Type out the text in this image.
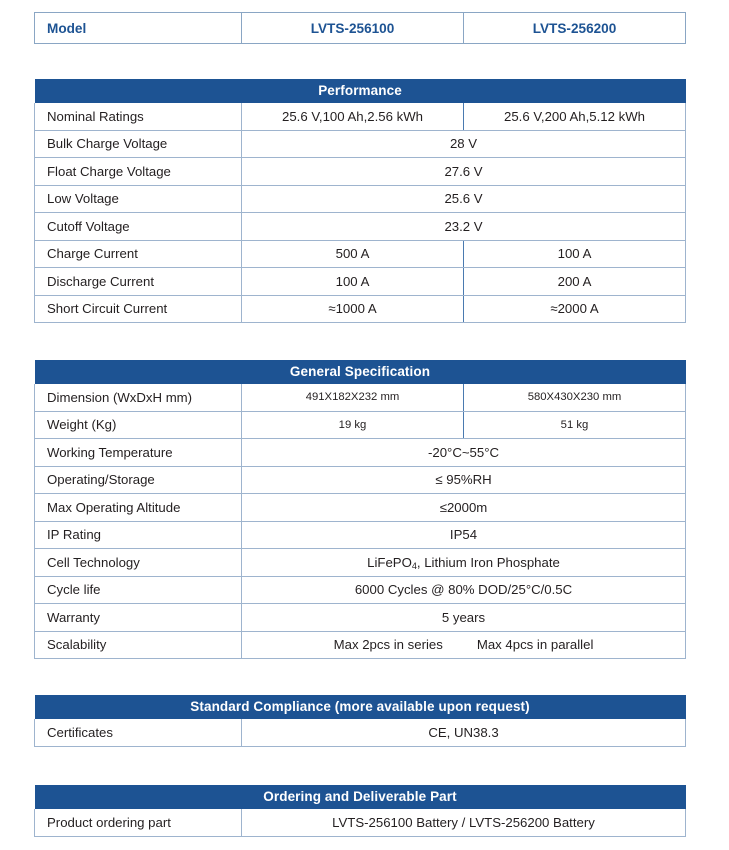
Model	LVTS-256100	LVTS-256200
Performance		
Nominal Ratings	25.6 V,100 Ah,2.56 kWh	25.6 V,200 Ah,5.12 kWh
Bulk Charge Voltage	28 V	
Float Charge Voltage	27.6 V	
Low Voltage	25.6 V	
Cutoff Voltage	23.2 V	
Charge Current	500 A	100 A
Discharge Current	100 A	200 A
Short Circuit Current	≈1000 A	≈2000 A
General Specification		
Dimension (WxDxH mm)	491X182X232 mm	580X430X230 mm
Weight (Kg)	19 kg	51 kg
Working Temperature	-20°C~55°C	
Operating/Storage	≤ 95%RH	
Max Operating Altitude	≤2000m	
IP Rating	IP54	
Cell Technology	LiFePO$_4$, Lithium Iron Phosphate	
Cycle life	6000 Cycles @ 80% DOD/25°C/0.5C	
Warranty	5 years	
Scalability	Max 2pcs in series Max 4pcs in parallel	
Standard Compliance (more available upon request)
Certificates	CE, UN38.3
Ordering and Deliverable Part
Product ordering part	LVTS-256100 Battery / LVTS-256200 Battery
